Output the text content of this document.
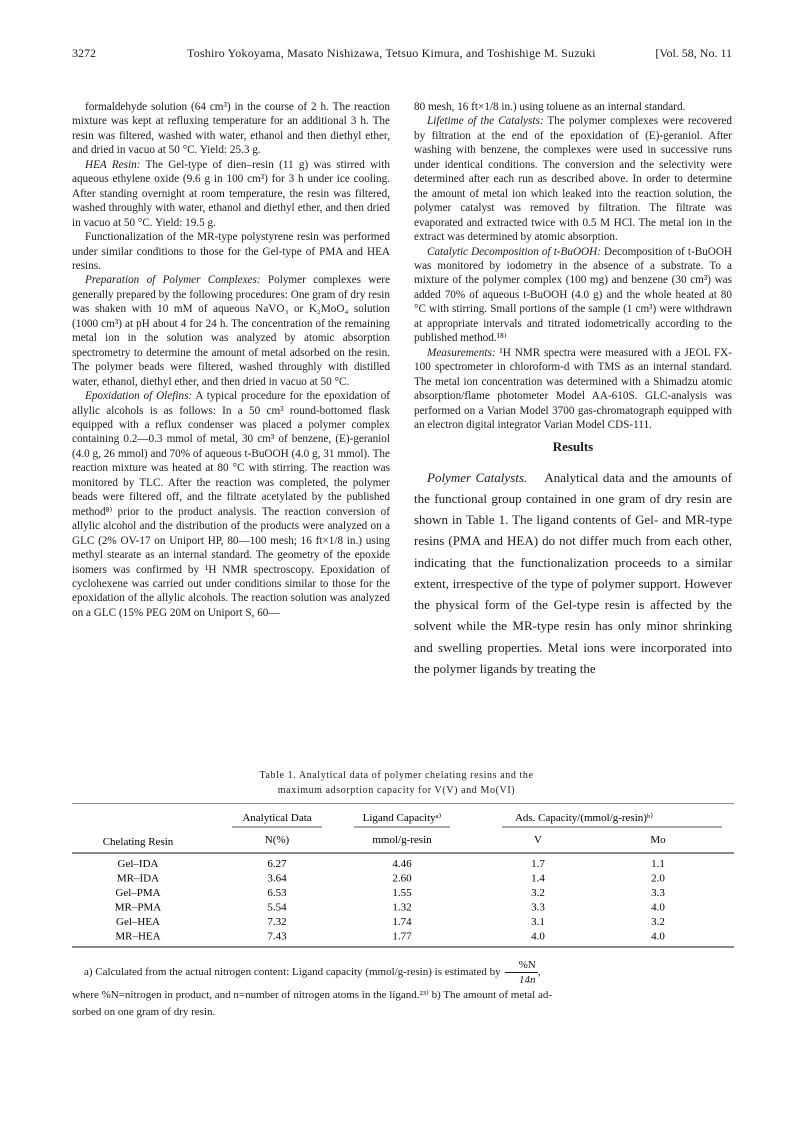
3272	Toshiro Yokoyama, Masato Nishizawa, Tetsuo Kimura, and Toshishige M. Suzuki	[Vol. 58, No. 11

formaldehyde solution (64 cm³) in the course of 2 h. The reaction mixture was kept at refluxing temperature for an additional 3 h. The resin was filtered, washed with water, ethanol and then diethyl ether, and dried in vacuo at 50 °C. Yield: 25.3 g.

HEA Resin: The Gel-type of dien–resin (11 g) was stirred with aqueous ethylene oxide (9.6 g in 100 cm³) for 3 h under ice cooling. After standing overnight at room temperature, the resin was filtered, washed throughly with water, ethanol and diethyl ether, and then dried in vacuo at 50 °C. Yield: 19.5 g.

Functionalization of the MR-type polystyrene resin was performed under similar conditions to those for the Gel-type of PMA and HEA resins.

Preparation of Polymer Complexes: Polymer complexes were generally prepared by the following procedures: One gram of dry resin was shaken with 10 mM of aqueous NaVO₃ or K₂MoO₄ solution (1000 cm³) at pH about 4 for 24 h. The concentration of the remaining metal ion in the solution was analyzed by atomic absorption spectrometry to determine the amount of metal adsorbed on the resin. The polymer beads were filtered, washed throughly with distilled water, ethanol, diethyl ether, and then dried in vacuo at 50 °C.

Epoxidation of Olefins: A typical procedure for the epoxidation of allylic alcohols is as follows: In a 50 cm³ round-bottomed flask equipped with a reflux condenser was placed a polymer complex containing 0.2—0.3 mmol of metal, 30 cm³ of benzene, (E)-geraniol (4.0 g, 26 mmol) and 70% of aqueous t-BuOOH (4.0 g, 31 mmol). The reaction mixture was heated at 80 °C with stirring. The reaction was monitored by TLC. After the reaction was completed, the polymer beads were filtered off, and the filtrate acetylated by the published method⁸⁾ prior to the product analysis. The reaction conversion of allylic alcohol and the distribution of the products were analyzed on a GLC (2% OV-17 on Uniport HP, 80—100 mesh; 16 ft×1/8 in.) using methyl stearate as an internal standard. The geometry of the epoxide isomers was confirmed by ¹H NMR spectroscopy. Epoxidation of cyclohexene was carried out under conditions similar to those for the epoxidation of the allylic alcohols. The reaction solution was analyzed on a GLC (15% PEG 20M on Uniport S, 60—

80 mesh, 16 ft×1/8 in.) using toluene as an internal standard.

Lifetime of the Catalysts: The polymer complexes were recovered by filtration at the end of the epoxidation of (E)-geraniol. After washing with benzene, the complexes were used in successive runs under identical conditions. The conversion and the selectivity were determined after each run as described above. In order to determine the amount of metal ion which leaked into the reaction solution, the polymer catalyst was removed by filtration. The filtrate was evaporated and extracted twice with 0.5 M HCl. The metal ion in the extract was determined by atomic absorption.

Catalytic Decomposition of t-BuOOH: Decomposition of t-BuOOH was monitored by iodometry in the absence of a substrate. To a mixture of the polymer complex (100 mg) and benzene (30 cm³) was added 70% of aqueous t-BuOOH (4.0 g) and the whole heated at 80 °C with stirring. Small portions of the sample (1 cm³) were withdrawn at appropriate intervals and titrated iodometrically according to the published method.¹⁸⁾

Measurements: ¹H NMR spectra were measured with a JEOL FX-100 spectrometer in chloroform-d with TMS as an internal standard. The metal ion concentration was determined with a Shimadzu atomic absorption/flame photometer Model AA-610S. GLC-analysis was performed on a Varian Model 3700 gas-chromatograph equipped with an electron digital integrator Varian Model CDS-111.

Results

Polymer Catalysts.    Analytical data and the amounts of the functional group contained in one gram of dry resin are shown in Table 1. The ligand contents of Gel- and MR-type resins (PMA and HEA) do not differ much from each other, indicating that the functionalization proceeds to a similar extent, irrespective of the type of polymer support. However the physical form of the Gel-type resin is affected by the solvent while the MR-type resin has only minor shrinking and swelling properties. Metal ions were incorporated into the polymer ligands by treating the

Table 1. Analytical data of polymer chelating resins and the
maximum adsorption capacity for V(V) and Mo(VI)
Chelating Resin
Analytical Data	Ligand Capacityᵃ⁾	Ads. Capacity/(mmol/g-resin)ᵇ⁾
N(%)	mmol/g-resin	V	Mo
Gel–IDA	6.27	4.46	1.7	1.1
MR–IDA	3.64	2.60	1.4	2.0
Gel–PMA	6.53	1.55	3.2	3.3
MR–PMA	5.54	1.32	3.3	4.0
Gel–HEA	7.32	1.74	3.1	3.2
MR–HEA	7.43	1.77	4.0	4.0

a) Calculated from the actual nitrogen content: Ligand capacity (mmol/g-resin) is estimated by $\frac{\%N}{14n}$ ,

where %N=nitrogen in product, and n=number of nitrogen atoms in the ligand.²³⁾ b) The amount of metal ad-

sorbed on one gram of dry resin.
